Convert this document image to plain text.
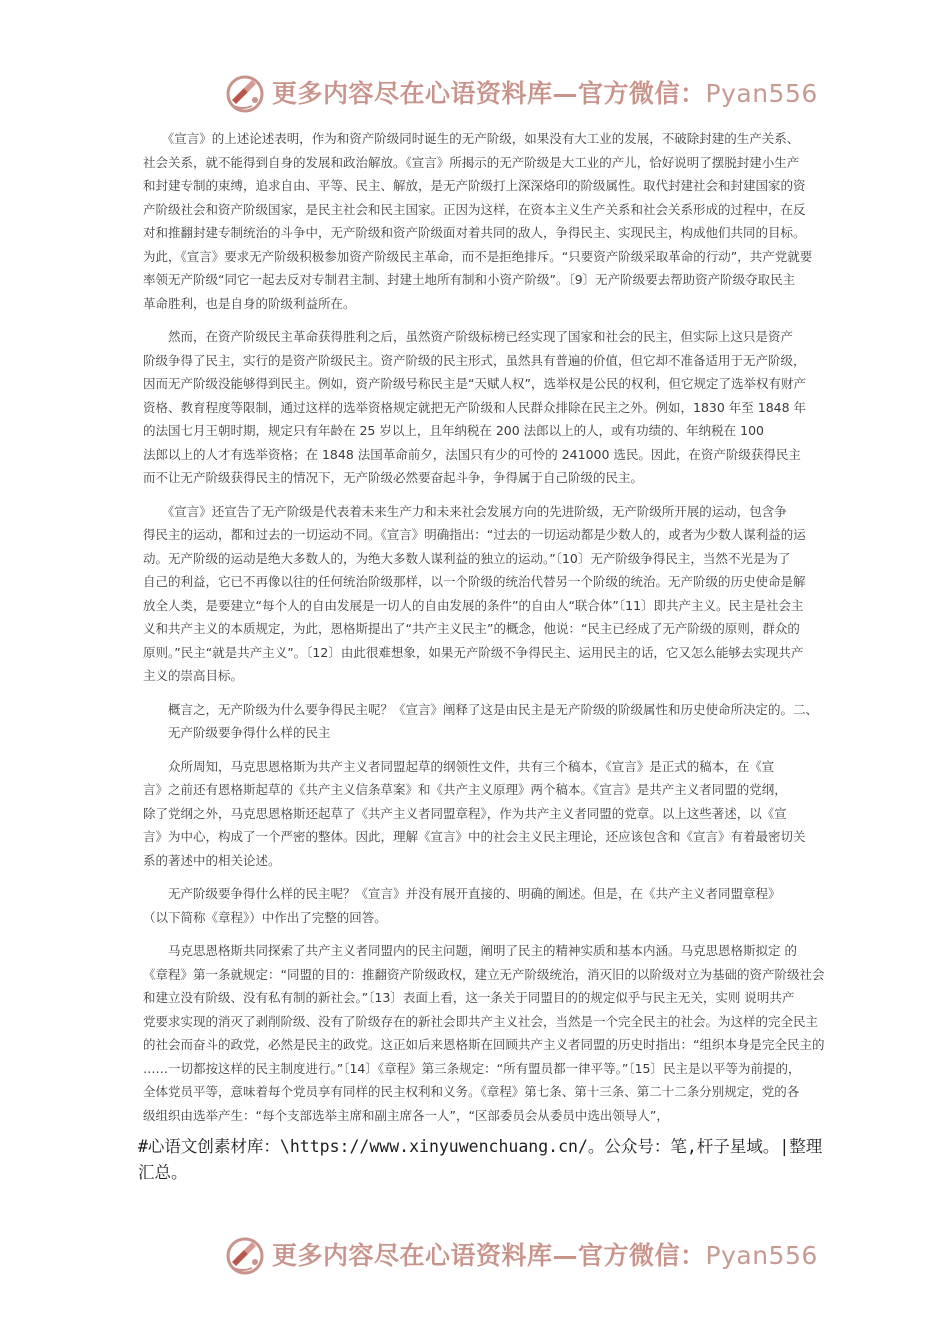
更多内容尽在心语资料库—官方微信：Pyan556
　　《宣言》的上述论述表明，作为和资产阶级同时诞生的无产阶级，如果没有大工业的发展，不破除封建的生产关系、
社会关系，就不能得到自身的发展和政治解放。《宣言》所揭示的无产阶级是大工业的产儿，恰好说明了摆脱封建小生产
和封建专制的束缚，追求自由、平等、民主、解放，是无产阶级打上深深烙印的阶级属性。取代封建社会和封建国家的资
产阶级社会和资产阶级国家，是民主社会和民主国家。正因为这样，在资本主义生产关系和社会关系形成的过程中，在反
对和推翻封建专制统治的斗争中，无产阶级和资产阶级面对着共同的敌人，争得民主、实现民主，构成他们共同的目标。
为此，《宣言》要求无产阶级积极参加资产阶级民主革命，而不是拒绝排斥。“只要资产阶级采取革命的行动”，共产党就要
率领无产阶级“同它一起去反对专制君主制、封建土地所有制和小资产阶级”。〔9〕无产阶级要去帮助资产阶级夺取民主
革命胜利，也是自身的阶级利益所在。
　　然而，在资产阶级民主革命获得胜利之后，虽然资产阶级标榜已经实现了国家和社会的民主，但实际上这只是资产
阶级争得了民主，实行的是资产阶级民主。资产阶级的民主形式，虽然具有普遍的价值，但它却不准备适用于无产阶级，
因而无产阶级没能够得到民主。例如，资产阶级号称民主是“天赋人权”，选举权是公民的权利，但它规定了选举权有财产
资格、教育程度等限制，通过这样的选举资格规定就把无产阶级和人民群众排除在民主之外。例如，1830 年至 1848 年
的法国七月王朝时期，规定只有年龄在 25 岁以上，且年纳税在 200 法郎以上的人，或有功绩的、年纳税在 100
法郎以上的人才有选举资格；在 1848 法国革命前夕，法国只有少的可怜的 241000 选民。因此，在资产阶级获得民主
而不让无产阶级获得民主的情况下，无产阶级必然要奋起斗争，争得属于自己阶级的民主。
　　《宣言》还宣告了无产阶级是代表着未来生产力和未来社会发展方向的先进阶级，无产阶级所开展的运动，包含争
得民主的运动，都和过去的一切运动不同。《宣言》明确指出：“过去的一切运动都是少数人的，或者为少数人谋利益的运
动。无产阶级的运动是绝大多数人的，为绝大多数人谋利益的独立的运动。”〔10〕无产阶级争得民主，当然不光是为了
自己的利益，它已不再像以往的任何统治阶级那样，以一个阶级的统治代替另一个阶级的统治。无产阶级的历史使命是解
放全人类，是要建立“每个人的自由发展是一切人的自由发展的条件”的自由人“联合体”〔11〕即共产主义。民主是社会主
义和共产主义的本质规定，为此，恩格斯提出了“共产主义民主”的概念，他说：“民主已经成了无产阶级的原则，群众的
原则。”民主“就是共产主义”。〔12〕由此很难想象，如果无产阶级不争得民主、运用民主的话，它又怎么能够去实现共产
主义的崇高目标。
　　概言之，无产阶级为什么要争得民主呢？《宣言》阐释了这是由民主是无产阶级的阶级属性和历史使命所决定的。二、
　　无产阶级要争得什么样的民主
　　众所周知，马克思恩格斯为共产主义者同盟起草的纲领性文件，共有三个稿本，《宣言》是正式的稿本，在《宣
言》之前还有恩格斯起草的《共产主义信条草案》和《共产主义原理》两个稿本。《宣言》是共产主义者同盟的党纲，
除了党纲之外，马克思恩格斯还起草了《共产主义者同盟章程》，作为共产主义者同盟的党章。以上这些著述，以《宣
言》为中心，构成了一个严密的整体。因此，理解《宣言》中的社会主义民主理论，还应该包含和《宣言》有着最密切关
系的著述中的相关论述。
　　无产阶级要争得什么样的民主呢？《宣言》并没有展开直接的、明确的阐述。但是，在《共产主义者同盟章程》
（以下简称《章程》）中作出了完整的回答。
　　马克思恩格斯共同探索了共产主义者同盟内的民主问题，阐明了民主的精神实质和基本内涵。马克思恩格斯拟定 的
《章程》第一条就规定：“同盟的目的：推翻资产阶级政权，建立无产阶级统治，消灭旧的以阶级对立为基础的资产阶级社会
和建立没有阶级、没有私有制的新社会。”〔13〕表面上看，这一条关于同盟目的的规定似乎与民主无关，实则 说明共产
党要求实现的消灭了剥削阶级、没有了阶级存在的新社会即共产主义社会，当然是一个完全民主的社会。为这样的完全民主
的社会而奋斗的政党，必然是民主的政党。这正如后来恩格斯在回顾共产主义者同盟的历史时指出：“组织本身是完全民主的
……一切都按这样的民主制度进行。”〔14〕《章程》第三条规定：“所有盟员都一律平等。”〔15〕民主是以平等为前提的，
全体党员平等，意味着每个党员享有同样的民主权利和义务。《章程》第七条、第十三条、第二十二条分别规定，党的各
级组织由选举产生：“每个支部选举主席和副主席各一人”，“区部委员会从委员中选出领导人”，
#心语文创素材库：\https://www.xinyuwenchuang.cn/。公众号：笔,杆子星域。|整理汇总。
更多内容尽在心语资料库—官方微信：Pyan556
